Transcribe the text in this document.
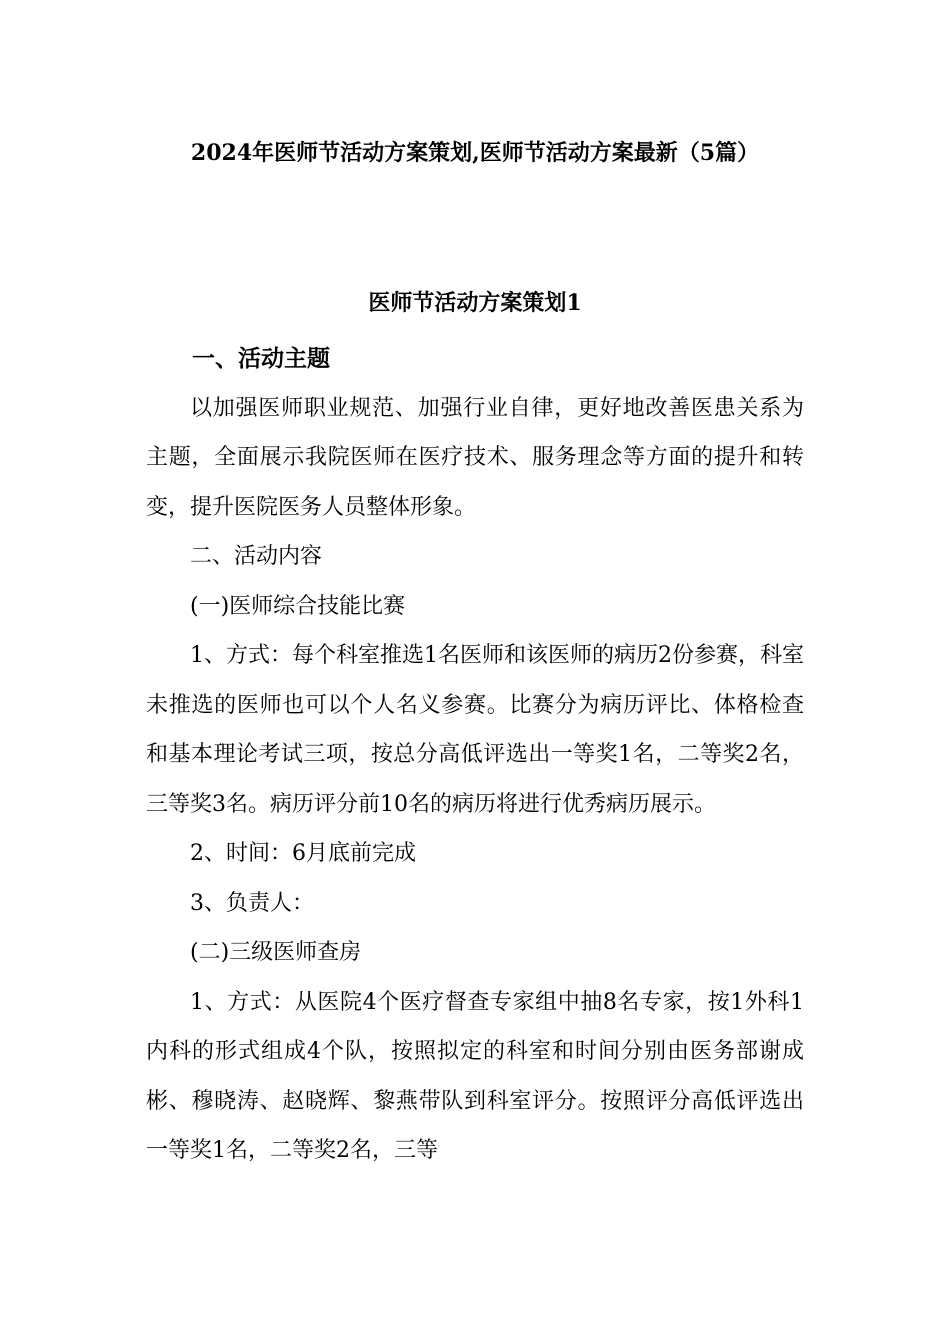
2024年医师节活动方案策划,医师节活动方案最新（5篇）
医师节活动方案策划1

一、活动主题

以加强医师职业规范、加强行业自律，更好地改善医患关系为主题，全面展示我院医师在医疗技术、服务理念等方面的提升和转变，提升医院医务人员整体形象。

二、活动内容

(一)医师综合技能比赛

1、方式：每个科室推选1名医师和该医师的病历2份参赛，科室未推选的医师也可以个人名义参赛。比赛分为病历评比、体格检查和基本理论考试三项，按总分高低评选出一等奖1名，二等奖2名，三等奖3名。病历评分前10名的病历将进行优秀病历展示。

2、时间：6月底前完成

3、负责人：

(二)三级医师查房

1、方式：从医院4个医疗督查专家组中抽8名专家，按1外科1内科的形式组成4个队，按照拟定的科室和时间分别由医务部谢成彬、穆晓涛、赵晓辉、黎燕带队到科室评分。按照评分高低评选出一等奖1名，二等奖2名，三等
